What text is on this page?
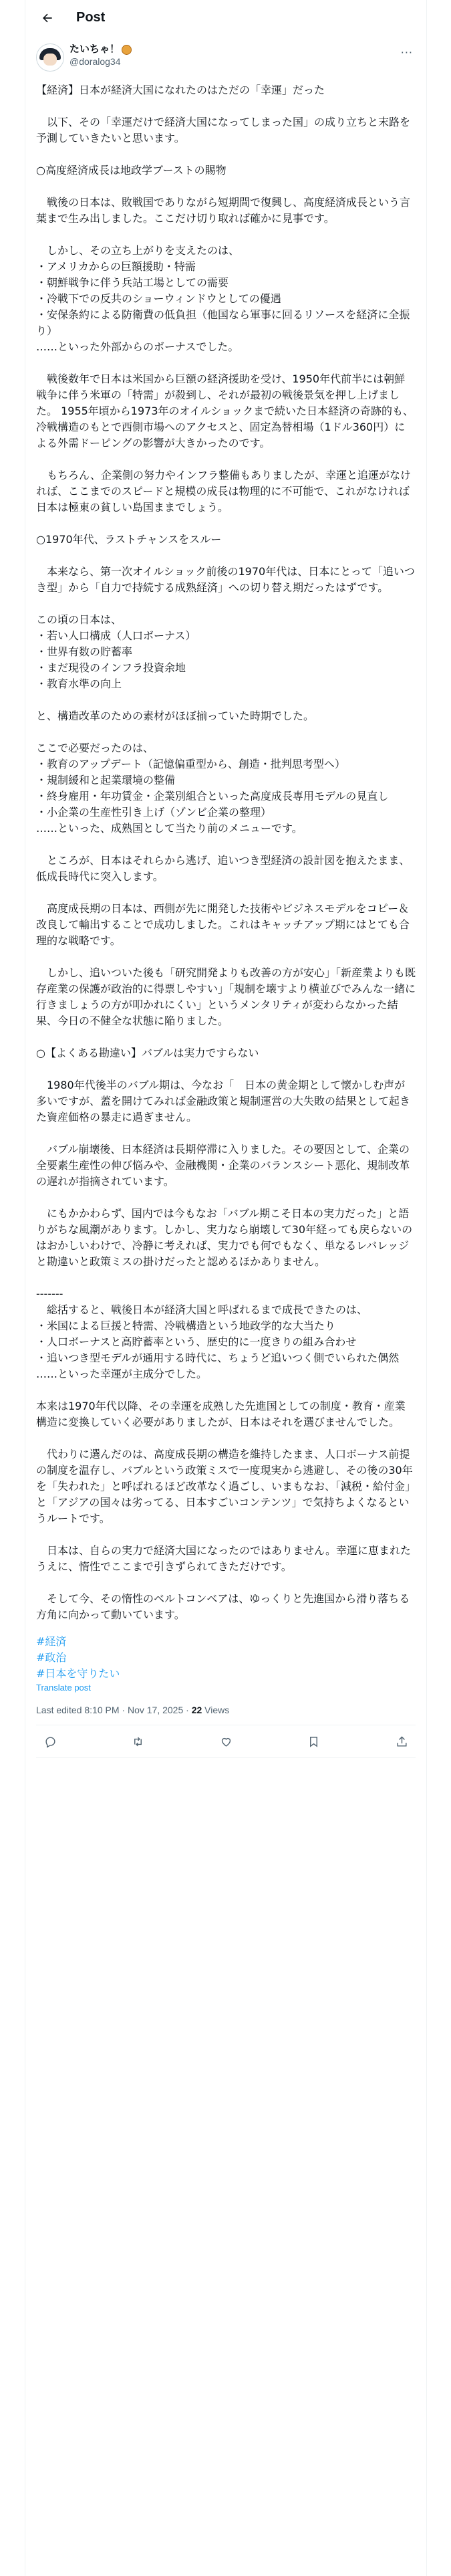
Post
たいちゃ！
@doralog34
···
【経済】日本が経済大国になれたのはただの「幸運」だった

　以下、その「幸運だけで経済大国になってしまった国」の成り立ちと末路を予測していきたいと思います。

○高度経済成長は地政学ブーストの賜物

　戦後の日本は、敗戦国でありながら短期間で復興し、高度経済成長という言葉まで生み出しました。ここだけ切り取れば確かに見事です。

　しかし、その立ち上がりを支えたのは、
・アメリカからの巨額援助・特需
・朝鮮戦争に伴う兵站工場としての需要
・冷戦下での反共のショーウィンドウとしての優遇
・安保条約による防衛費の低負担（他国なら軍事に回るリソースを経済に全振り）
……といった外部からのボーナスでした。

　戦後数年で日本は米国から巨額の経済援助を受け、1950年代前半には朝鮮戦争に伴う米軍の「特需」が殺到し、それが最初の戦後景気を押し上げました。 1955年頃から1973年のオイルショックまで続いた日本経済の奇跡的も、冷戦構造のもとで西側市場へのアクセスと、固定為替相場（1ドル360円）による外需ドーピングの影響が大きかったのです。

　もちろん、企業側の努力やインフラ整備もありましたが、幸運と追運がなければ、ここまでのスピードと規模の成長は物理的に不可能で、これがなければ日本は極東の貧しい島国ままでしょう。

○1970年代、ラストチャンスをスルー

　本来なら、第一次オイルショック前後の1970年代は、日本にとって「追いつき型」から「自力で持続する成熟経済」への切り替え期だったはずです。

この頃の日本は、
・若い人口構成（人口ボーナス）
・世界有数の貯蓄率
・まだ現役のインフラ投資余地
・教育水準の向上

と、構造改革のための素材がほぼ揃っていた時期でした。

ここで必要だったのは、
・教育のアップデート（記憶偏重型から、創造・批判思考型へ）
・規制緩和と起業環境の整備
・終身雇用・年功賃金・企業別組合といった高度成長専用モデルの見直し
・小企業の生産性引き上げ（ゾンビ企業の整理）
……といった、成熟国として当たり前のメニューです。

　ところが、日本はそれらから逃げ、追いつき型経済の設計図を抱えたまま、低成長時代に突入します。

　高度成長期の日本は、西側が先に開発した技術やビジネスモデルをコピー＆改良して輸出することで成功しました。これはキャッチアップ期にはとても合理的な戦略です。

　しかし、追いついた後も「研究開発よりも改善の方が安心」「新産業よりも既存産業の保護が政治的に得票しやすい」「規制を壊すより横並びでみんな一緒に行きましょうの方が叩かれにくい」というメンタリティが変わらなかった結果、今日の不健全な状態に陥りました。

○【よくある勘違い】バブルは実力ですらない

　1980年代後半のバブル期は、今なお「　日本の黄金期として懐かしむ声が多いですが、蓋を開けてみれば金融政策と規制運営の大失敗の結果として起きた資産価格の暴走に過ぎません。

　バブル崩壊後、日本経済は長期停滞に入りました。その要因として、企業の全要素生産性の伸び悩みや、金融機関・企業のバランスシート悪化、規制改革の遅れが指摘されています。

　にもかかわらず、国内では今もなお「バブル期こそ日本の実力だった」と語りがちな風潮があります。しかし、実力なら崩壊して30年経っても戻らないのはおかしいわけで、冷静に考えれば、実力でも何でもなく、単なるレバレッジと勘違いと政策ミスの掛けだったと認めるほかありません。

-------
　総括すると、戦後日本が経済大国と呼ばれるまで成長できたのは、
・米国による巨援と特需、冷戦構造という地政学的な大当たり
・人口ボーナスと高貯蓄率という、歴史的に一度きりの組み合わせ
・追いつき型モデルが通用する時代に、ちょうど追いつく側でいられた偶然
……といった幸運が主成分でした。

本来は1970年代以降、その幸運を成熟した先進国としての制度・教育・産業構造に変換していく必要がありましたが、日本はそれを選びませんでした。

　代わりに選んだのは、高度成長期の構造を維持したまま、人口ボーナス前提の制度を温存し、バブルという政策ミスで一度現実から逃避し、その後の30年を「失われた」と呼ばれるほど改革なく過ごし、いまもなお、「減税・給付金」と「アジアの国々は劣ってる、日本すごいコンテンツ」で気持ちよくなるというルートです。

　日本は、自らの実力で経済大国になったのではありません。幸運に恵まれたうえに、惰性でここまで引きずられてきただけです。

　そして今、その惰性のベルトコンベアは、ゆっくりと先進国から滑り落ちる方角に向かって動いています。
#経済
#政治
#日本を守りたい
Translate post
Last edited 8:10 PM · Nov 17, 2025 · 22 Views
